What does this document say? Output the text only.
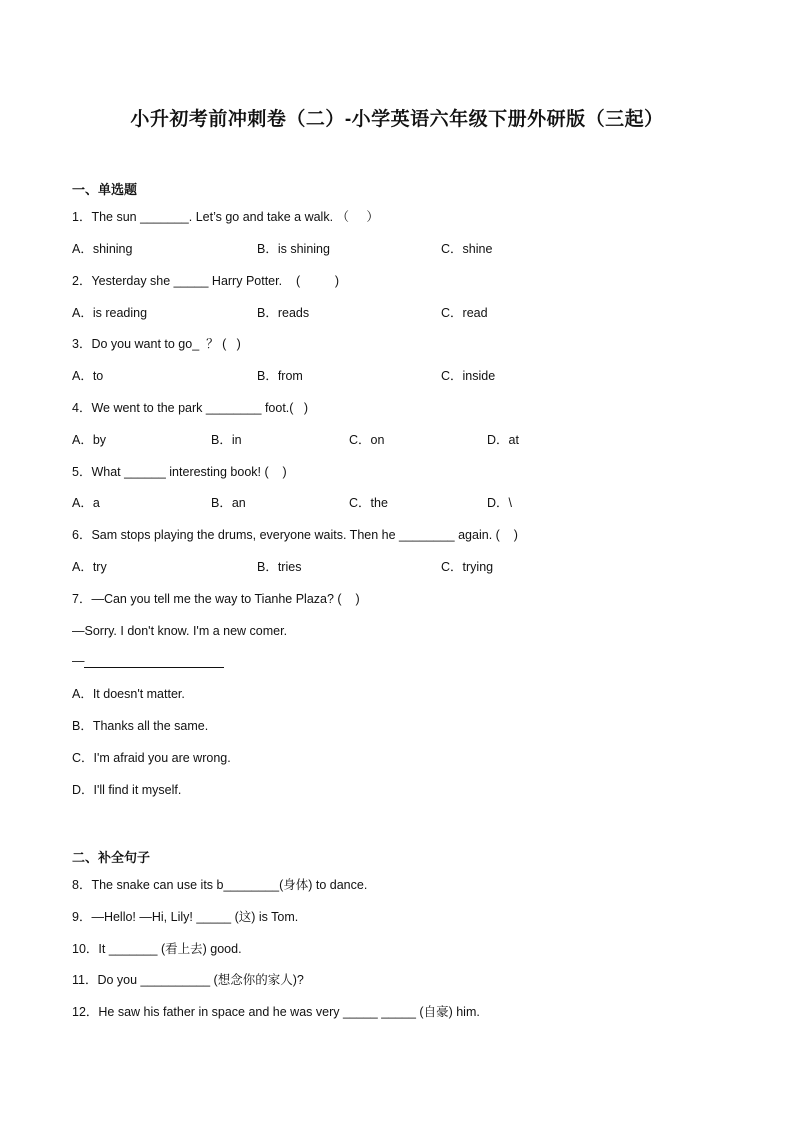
小升初考前冲刺卷（二）-小学英语六年级下册外研版（三起）
一、单选题
1．The sun _______. Let’s go and take a walk. （     ）
A．shining	B．is shining	C．shine
2．Yesterday she _____ Harry Potter.    (          )
A．is reading	B．reads	C．read
3．Do you want to go_  ？ (   )
A．to	B．from	C．inside
4．We went to the park ________ foot.(   )
A．by	B．in	C．on	D．at
5．What ______ interesting book! (    )
A．a	B．an	C．the	D．\
6．Sam stops playing the drums, everyone waits. Then he ________ again. (    )
A．try	B．tries	C．trying
7．—Can you tell me the way to Tianhe Plaza? (    )
—Sorry. I don't know. I'm a new comer.
—
A．It doesn't matter.
B．Thanks all the same.
C．I'm afraid you are wrong.
D．I'll find it myself.
二、补全句子
8．The snake can use its b________(身体) to dance.
9．—Hello! —Hi, Lily! _____ (这) is Tom.
10．It _______ (看上去) good.
11．Do you __________ (想念你的家人)?
12．He saw his father in space and he was very _____ _____ (自豪) him.
